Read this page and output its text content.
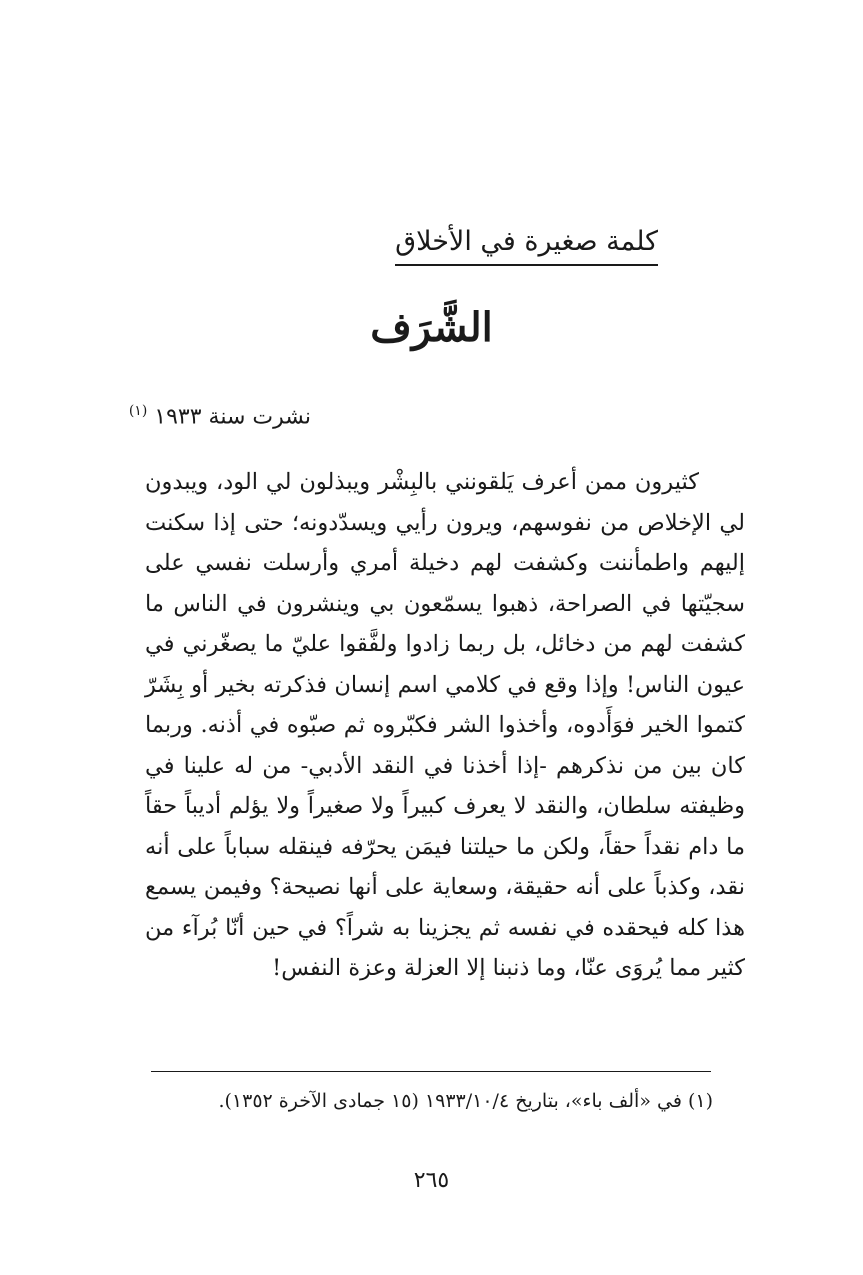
كلمة صغيرة في الأخلاق
الشَّرَف
نشرت سنة ١٩٣٣ $^{(١)}$

كثيرون ممن أعرف يَلقونني بالبِشْر ويبذلون لي الود، ويبدون لي الإخلاص من نفوسهم، ويرون رأيي ويسدّدونه؛ حتى إذا سكنت إليهم واطمأننت وكشفت لهم دخيلة أمري وأرسلت نفسي على سجيّتها في الصراحة، ذهبوا يسمّعون بي وينشرون في الناس ما كشفت لهم من دخائل، بل ربما زادوا ولفَّقوا عليّ ما يصغّرني في عيون الناس! وإذا وقع في كلامي اسم إنسان فذكرته بخير أو بِشَرّ كتموا الخير فوَأَدوه، وأخذوا الشر فكبّروه ثم صبّوه في أذنه. وربما كان بين من نذكرهم -إذا أخذنا في النقد الأدبي- من له علينا في وظيفته سلطان، والنقد لا يعرف كبيراً ولا صغيراً ولا يؤلم أديباً حقاً ما دام نقداً حقاً، ولكن ما حيلتنا فيمَن يحرّفه فينقله سباباً على أنه نقد، وكذباً على أنه حقيقة، وسعاية على أنها نصيحة؟ وفيمن يسمع هذا كله فيحقده في نفسه ثم يجزينا به شراً؟ في حين أنّا بُرآء من كثير مما يُروَى عنّا، وما ذنبنا إلا العزلة وعزة النفس!

(١) في «ألف باء»، بتاريخ ١٩٣٣/١٠/٤ (١٥ جمادى الآخرة ١٣٥٢).
٢٦٥
